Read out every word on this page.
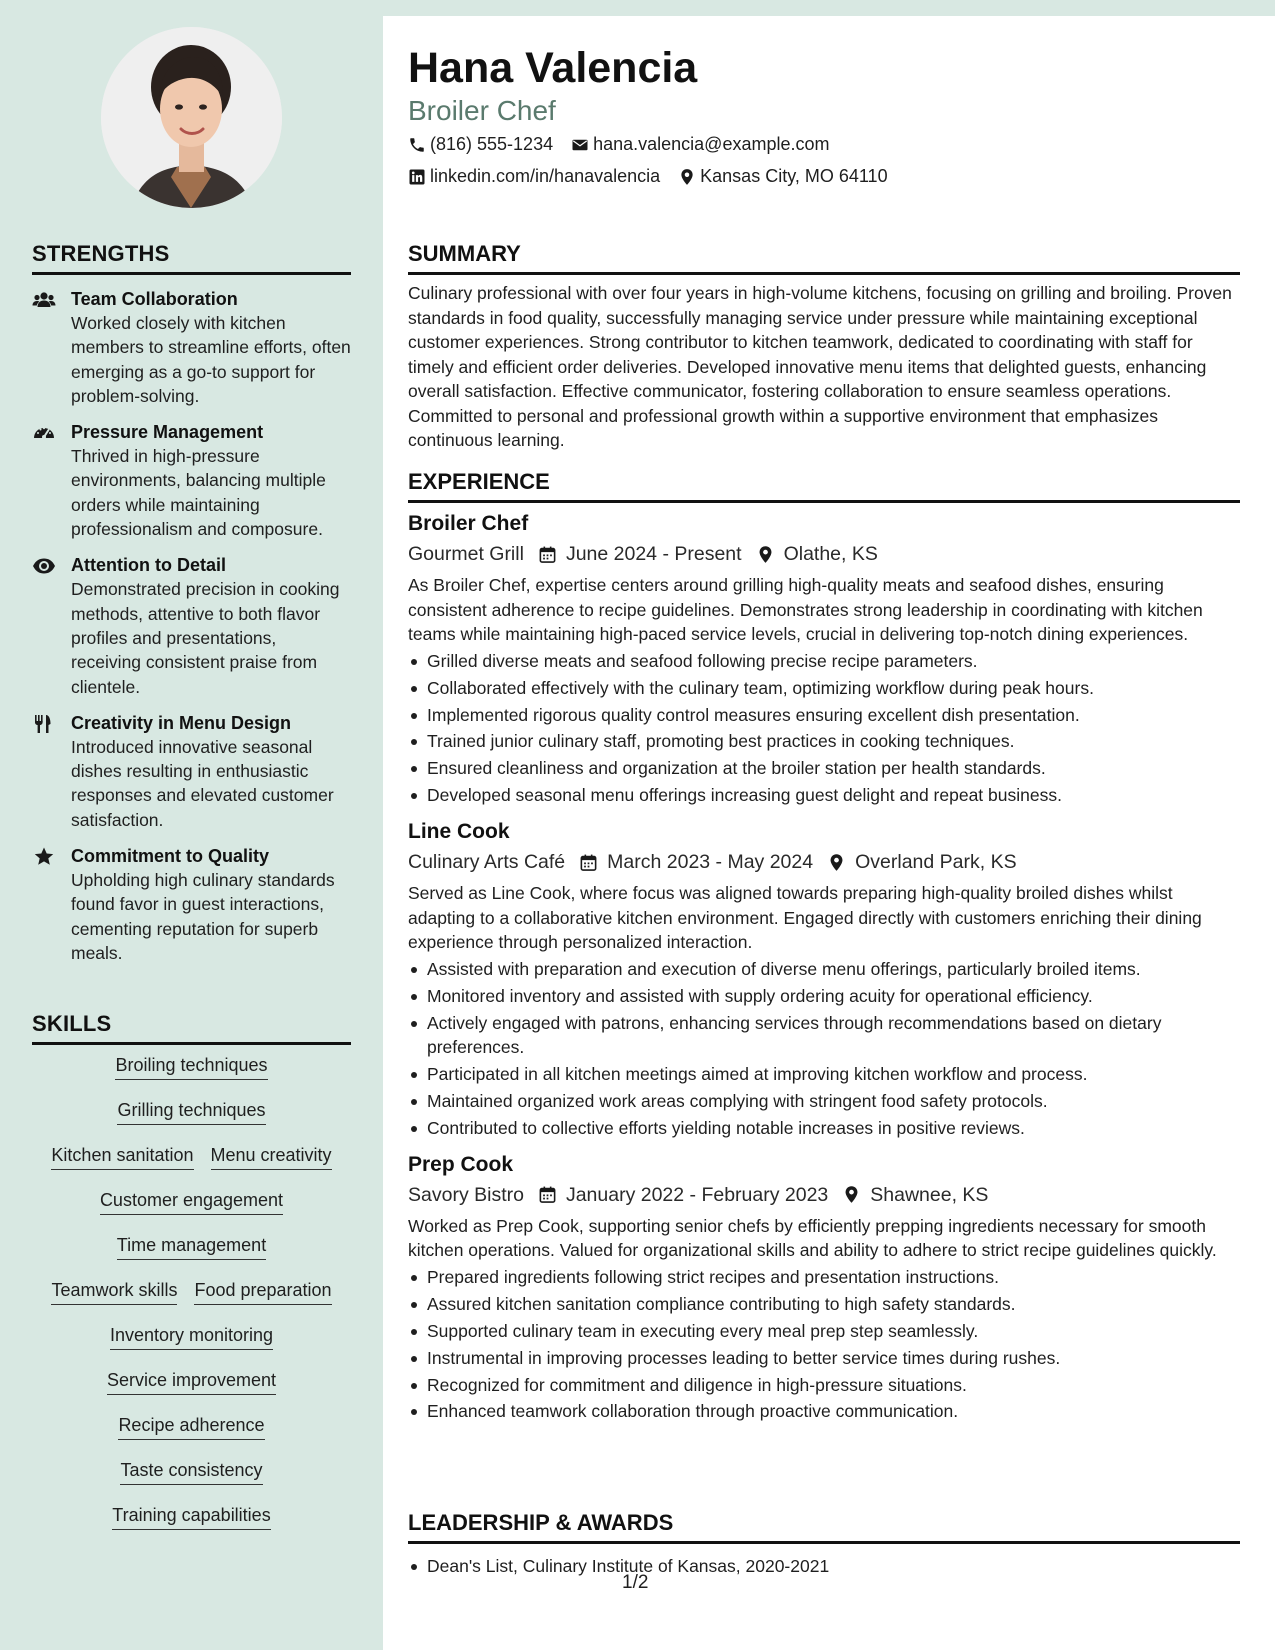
STRENGTHS
Team Collaboration
Worked closely with kitchen members to streamline efforts, often emerging as a go-to support for problem-solving.
Pressure Management
Thrived in high-pressure environments, balancing multiple orders while maintaining professionalism and composure.
Attention to Detail
Demonstrated precision in cooking methods, attentive to both flavor profiles and presentations, receiving consistent praise from clientele.
Creativity in Menu Design
Introduced innovative seasonal dishes resulting in enthusiastic responses and elevated customer satisfaction.
Commitment to Quality
Upholding high culinary standards found favor in guest interactions, cementing reputation for superb meals.
SKILLS
Broiling techniques
Grilling techniques
Kitchen sanitation Menu creativity
Customer engagement
Time management
Teamwork skills Food preparation
Inventory monitoring
Service improvement
Recipe adherence
Taste consistency
Training capabilities
Hana Valencia
Broiler Chef
(816) 555-1234 hana.valencia@example.com
linkedin.com/in/hanavalencia Kansas City, MO 64110
SUMMARY
Culinary professional with over four years in high-volume kitchens, focusing on grilling and broiling. Proven standards in food quality, successfully managing service under pressure while maintaining exceptional customer experiences. Strong contributor to kitchen teamwork, dedicated to coordinating with staff for timely and efficient order deliveries. Developed innovative menu items that delighted guests, enhancing overall satisfaction. Effective communicator, fostering collaboration to ensure seamless operations. Committed to personal and professional growth within a supportive environment that emphasizes continuous learning.
EXPERIENCE
Broiler Chef
Gourmet Grill June 2024 - Present Olathe, KS
As Broiler Chef, expertise centers around grilling high-quality meats and seafood dishes, ensuring consistent adherence to recipe guidelines. Demonstrates strong leadership in coordinating with kitchen teams while maintaining high-paced service levels, crucial in delivering top-notch dining experiences.
Grilled diverse meats and seafood following precise recipe parameters.
Collaborated effectively with the culinary team, optimizing workflow during peak hours.
Implemented rigorous quality control measures ensuring excellent dish presentation.
Trained junior culinary staff, promoting best practices in cooking techniques.
Ensured cleanliness and organization at the broiler station per health standards.
Developed seasonal menu offerings increasing guest delight and repeat business.
Line Cook
Culinary Arts Café March 2023 - May 2024 Overland Park, KS
Served as Line Cook, where focus was aligned towards preparing high-quality broiled dishes whilst adapting to a collaborative kitchen environment. Engaged directly with customers enriching their dining experience through personalized interaction.
Assisted with preparation and execution of diverse menu offerings, particularly broiled items.
Monitored inventory and assisted with supply ordering acuity for operational efficiency.
Actively engaged with patrons, enhancing services through recommendations based on dietary preferences.
Participated in all kitchen meetings aimed at improving kitchen workflow and process.
Maintained organized work areas complying with stringent food safety protocols.
Contributed to collective efforts yielding notable increases in positive reviews.
Prep Cook
Savory Bistro January 2022 - February 2023 Shawnee, KS
Worked as Prep Cook, supporting senior chefs by efficiently prepping ingredients necessary for smooth kitchen operations. Valued for organizational skills and ability to adhere to strict recipe guidelines quickly.
Prepared ingredients following strict recipes and presentation instructions.
Assured kitchen sanitation compliance contributing to high safety standards.
Supported culinary team in executing every meal prep step seamlessly.
Instrumental in improving processes leading to better service times during rushes.
Recognized for commitment and diligence in high-pressure situations.
Enhanced teamwork collaboration through proactive communication.
LEADERSHIP & AWARDS
Dean's List, Culinary Institute of Kansas, 2020-2021
1/2
